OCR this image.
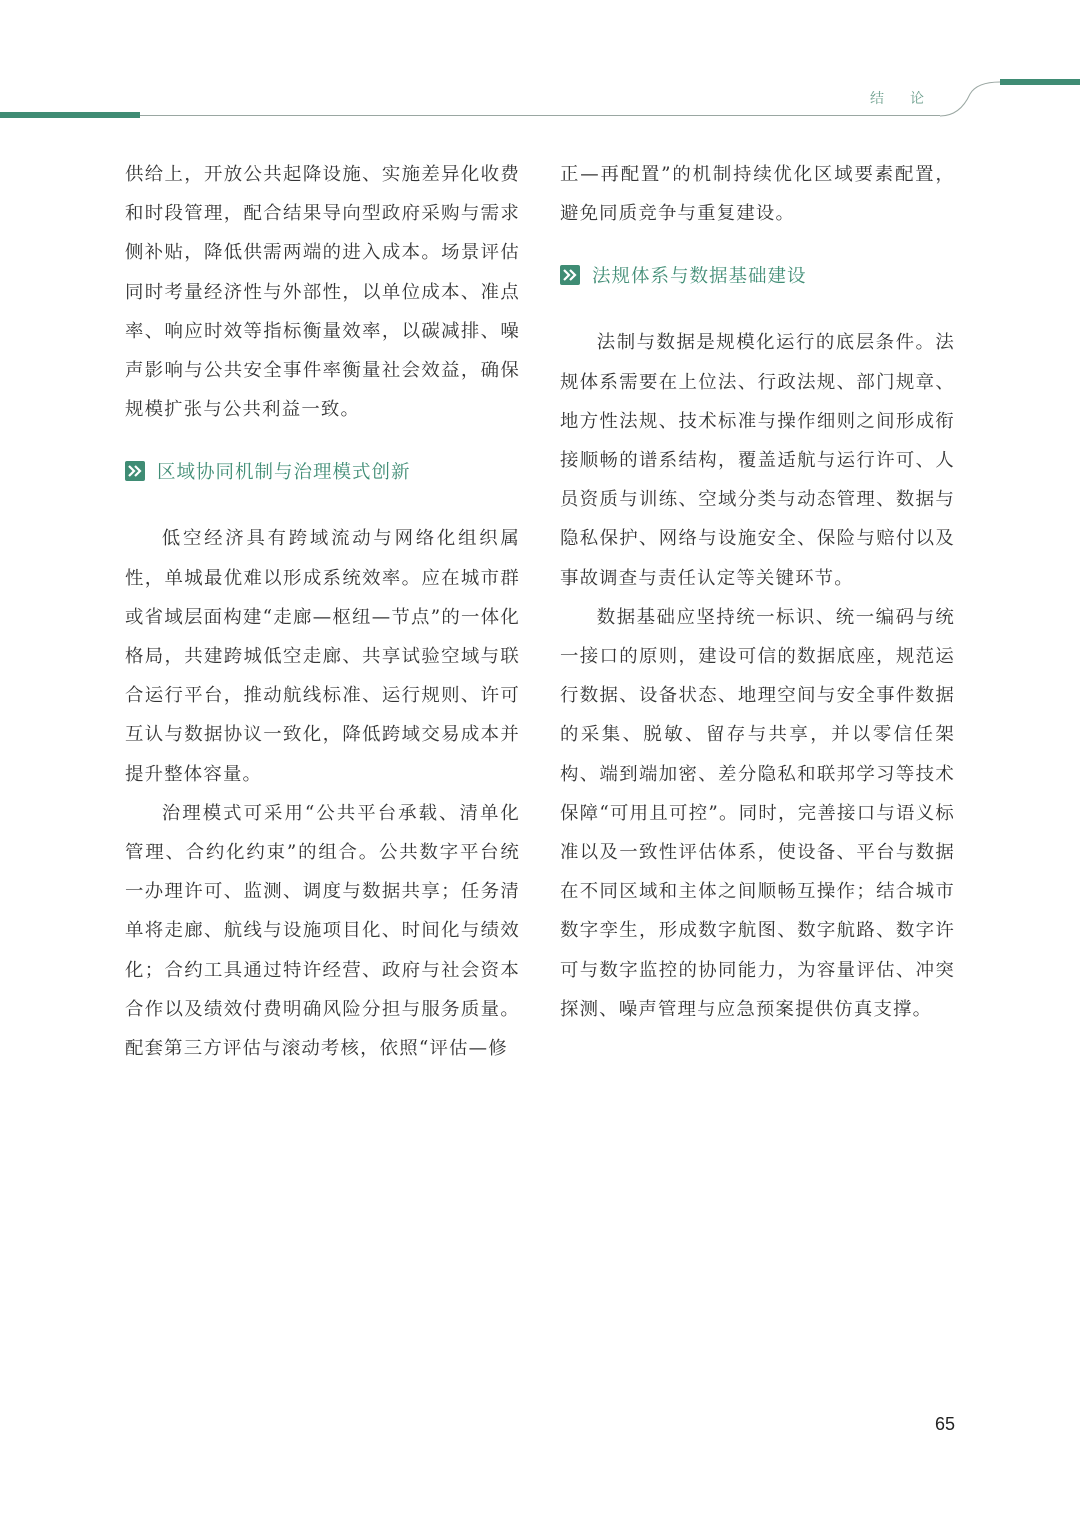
结论

供给上，开放公共起降设施、实施差异化收费和时段管理，配合结果导向型政府采购与需求侧补贴，降低供需两端的进入成本。场景评估同时考量经济性与外部性，以单位成本、准点率、响应时效等指标衡量效率，以碳减排、噪声影响与公共安全事件率衡量社会效益，确保规模扩张与公共利益一致。

区域协同机制与治理模式创新

低空经济具有跨域流动与网络化组织属性，单城最优难以形成系统效率。应在城市群或省域层面构建“走廊—枢纽—节点”的一体化格局，共建跨城低空走廊、共享试验空域与联合运行平台，推动航线标准、运行规则、许可互认与数据协议一致化，降低跨域交易成本并提升整体容量。

治理模式可采用“公共平台承载、清单化管理、合约化约束”的组合。公共数字平台统一办理许可、监测、调度与数据共享；任务清单将走廊、航线与设施项目化、时间化与绩效化；合约工具通过特许经营、政府与社会资本合作以及绩效付费明确风险分担与服务质量。配套第三方评估与滚动考核，依照“评估—修

正—再配置”的机制持续优化区域要素配置，避免同质竞争与重复建设。

法规体系与数据基础建设

法制与数据是规模化运行的底层条件。法规体系需要在上位法、行政法规、部门规章、地方性法规、技术标准与操作细则之间形成衔接顺畅的谱系结构，覆盖适航与运行许可、人员资质与训练、空域分类与动态管理、数据与隐私保护、网络与设施安全、保险与赔付以及事故调查与责任认定等关键环节。

数据基础应坚持统一标识、统一编码与统一接口的原则，建设可信的数据底座，规范运行数据、设备状态、地理空间与安全事件数据的采集、脱敏、留存与共享，并以零信任架构、端到端加密、差分隐私和联邦学习等技术保障“可用且可控”。同时，完善接口与语义标准以及一致性评估体系，使设备、平台与数据在不同区域和主体之间顺畅互操作；结合城市数字孪生，形成数字航图、数字航路、数字许可与数字监控的协同能力，为容量评估、冲突探测、噪声管理与应急预案提供仿真支撑。

65
